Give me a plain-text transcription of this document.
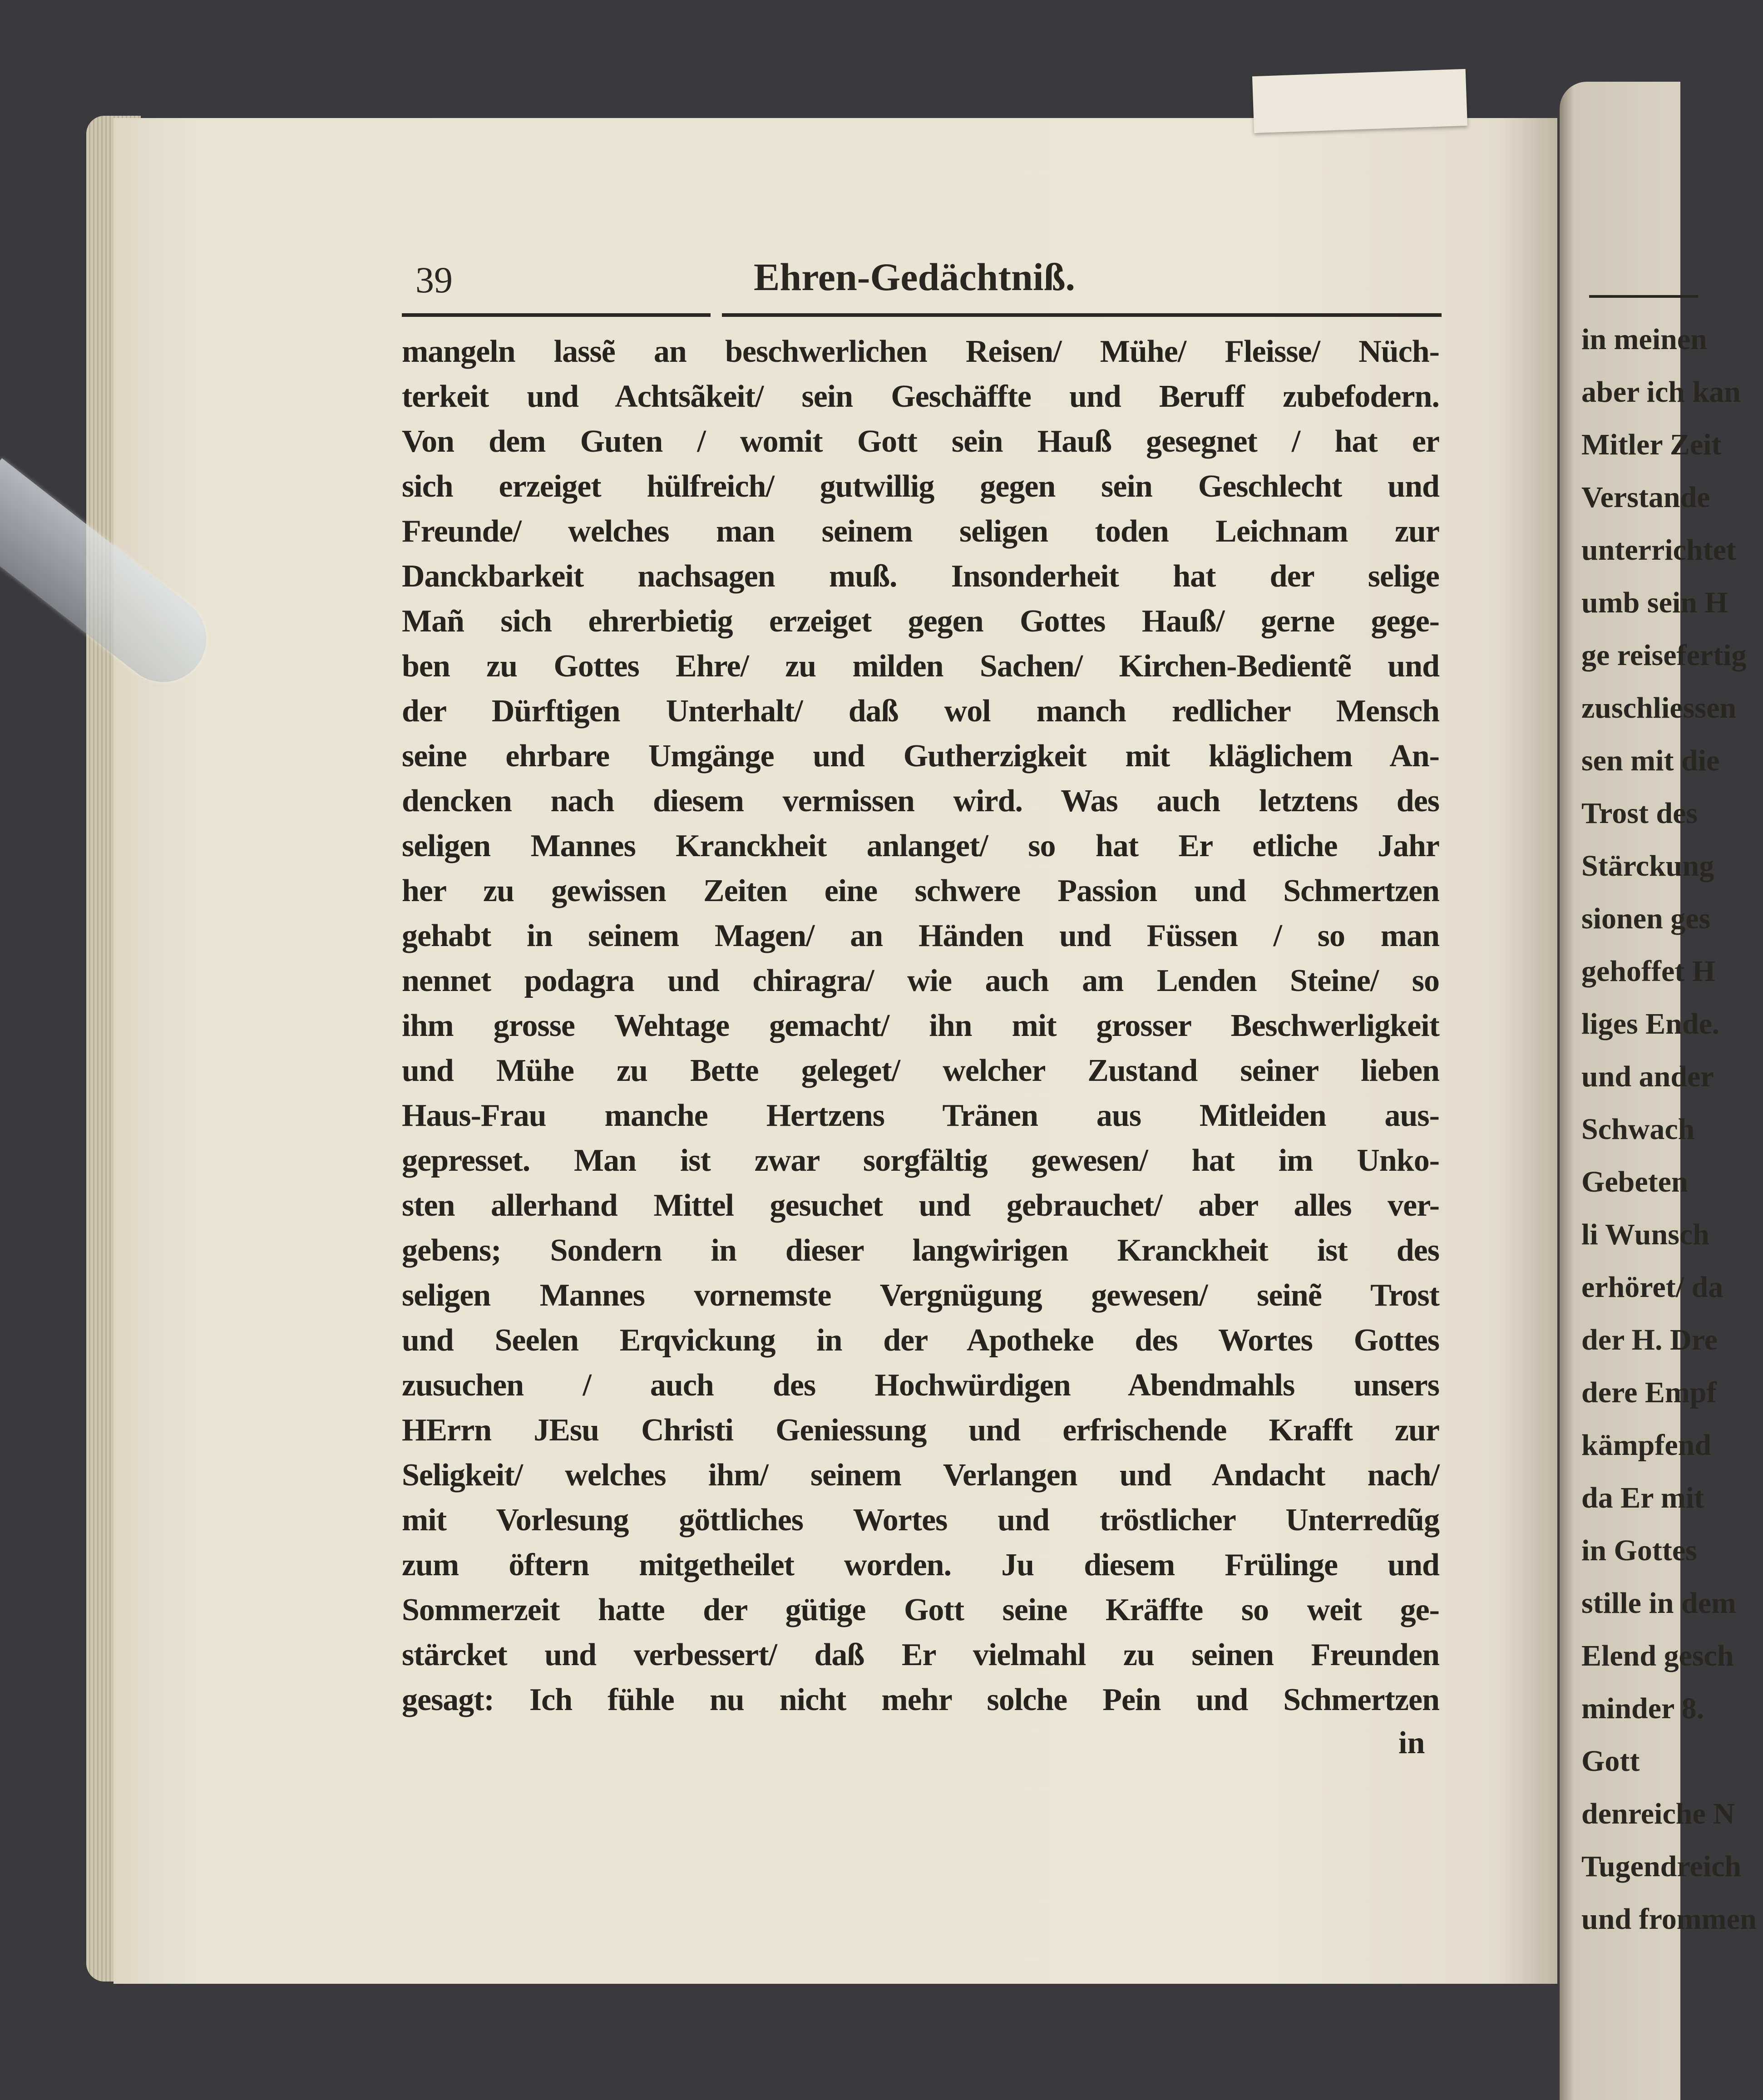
in meinen
aber ich kan
Mitler Zeit
Verstande
unterrichtet
umb sein H
ge reisefertig
zuschliessen
sen mit die
Trost des
Stärckung
sionen ges
gehoffet H
liges Ende.
und ander
Schwach
Gebeten
li Wunsch
erhöret/ da
der H. Dre
dere Empf
kämpfend
da Er mit
in Gottes
stille in dem
Elend gesch
minder 8.
Gott
denreiche N
Tugendreich
und frommen
39	Ehren-Gedächtniß.
mangeln lassẽ an beschwerlichen Reisen/ Mühe/ Fleisse/ Nüch-
terkeit und Achtsãkeit/ sein Geschäffte und Beruff zubefodern.
Von dem Guten / womit Gott sein Hauß gesegnet / hat er
sich erzeiget hülfreich/ gutwillig gegen sein Geschlecht und
Freunde/ welches man seinem seligen toden Leichnam zur
Danckbarkeit nachsagen muß. Insonderheit hat der selige
Mañ sich ehrerbietig erzeiget gegen Gottes Hauß/ gerne gege-
ben zu Gottes Ehre/ zu milden Sachen/ Kirchen-Bedientẽ und
der Dürftigen Unterhalt/ daß wol manch redlicher Mensch
seine ehrbare Umgänge und Gutherzigkeit mit kläglichem An-
dencken nach diesem vermissen wird. Was auch letztens des
seligen Mannes Kranckheit anlanget/ so hat Er etliche Jahr
her zu gewissen Zeiten eine schwere Passion und Schmertzen
gehabt in seinem Magen/ an Händen und Füssen / so man
nennet podagra und chiragra/ wie auch am Lenden Steine/ so
ihm grosse Wehtage gemacht/ ihn mit grosser Beschwerligkeit
und Mühe zu Bette geleget/ welcher Zustand seiner lieben
Haus-Frau manche Hertzens Tränen aus Mitleiden aus-
gepresset. Man ist zwar sorgfältig gewesen/ hat im Unko-
sten allerhand Mittel gesuchet und gebrauchet/ aber alles ver-
gebens; Sondern in dieser langwirigen Kranckheit ist des
seligen Mannes vornemste Vergnügung gewesen/ seinẽ Trost
und Seelen Erqvickung in der Apotheke des Wortes Gottes
zusuchen / auch des Hochwürdigen Abendmahls unsers
HErrn JEsu Christi Geniessung und erfrischende Krafft zur
Seligkeit/ welches ihm/ seinem Verlangen und Andacht nach/
mit Vorlesung göttliches Wortes und tröstlicher Unterredũg
zum öftern mitgetheilet worden. Ju diesem Frülinge und
Sommerzeit hatte der gütige Gott seine Kräffte so weit ge-
stärcket und verbessert/ daß Er vielmahl zu seinen Freunden
gesagt: Ich fühle nu nicht mehr solche Pein und Schmertzen
in
